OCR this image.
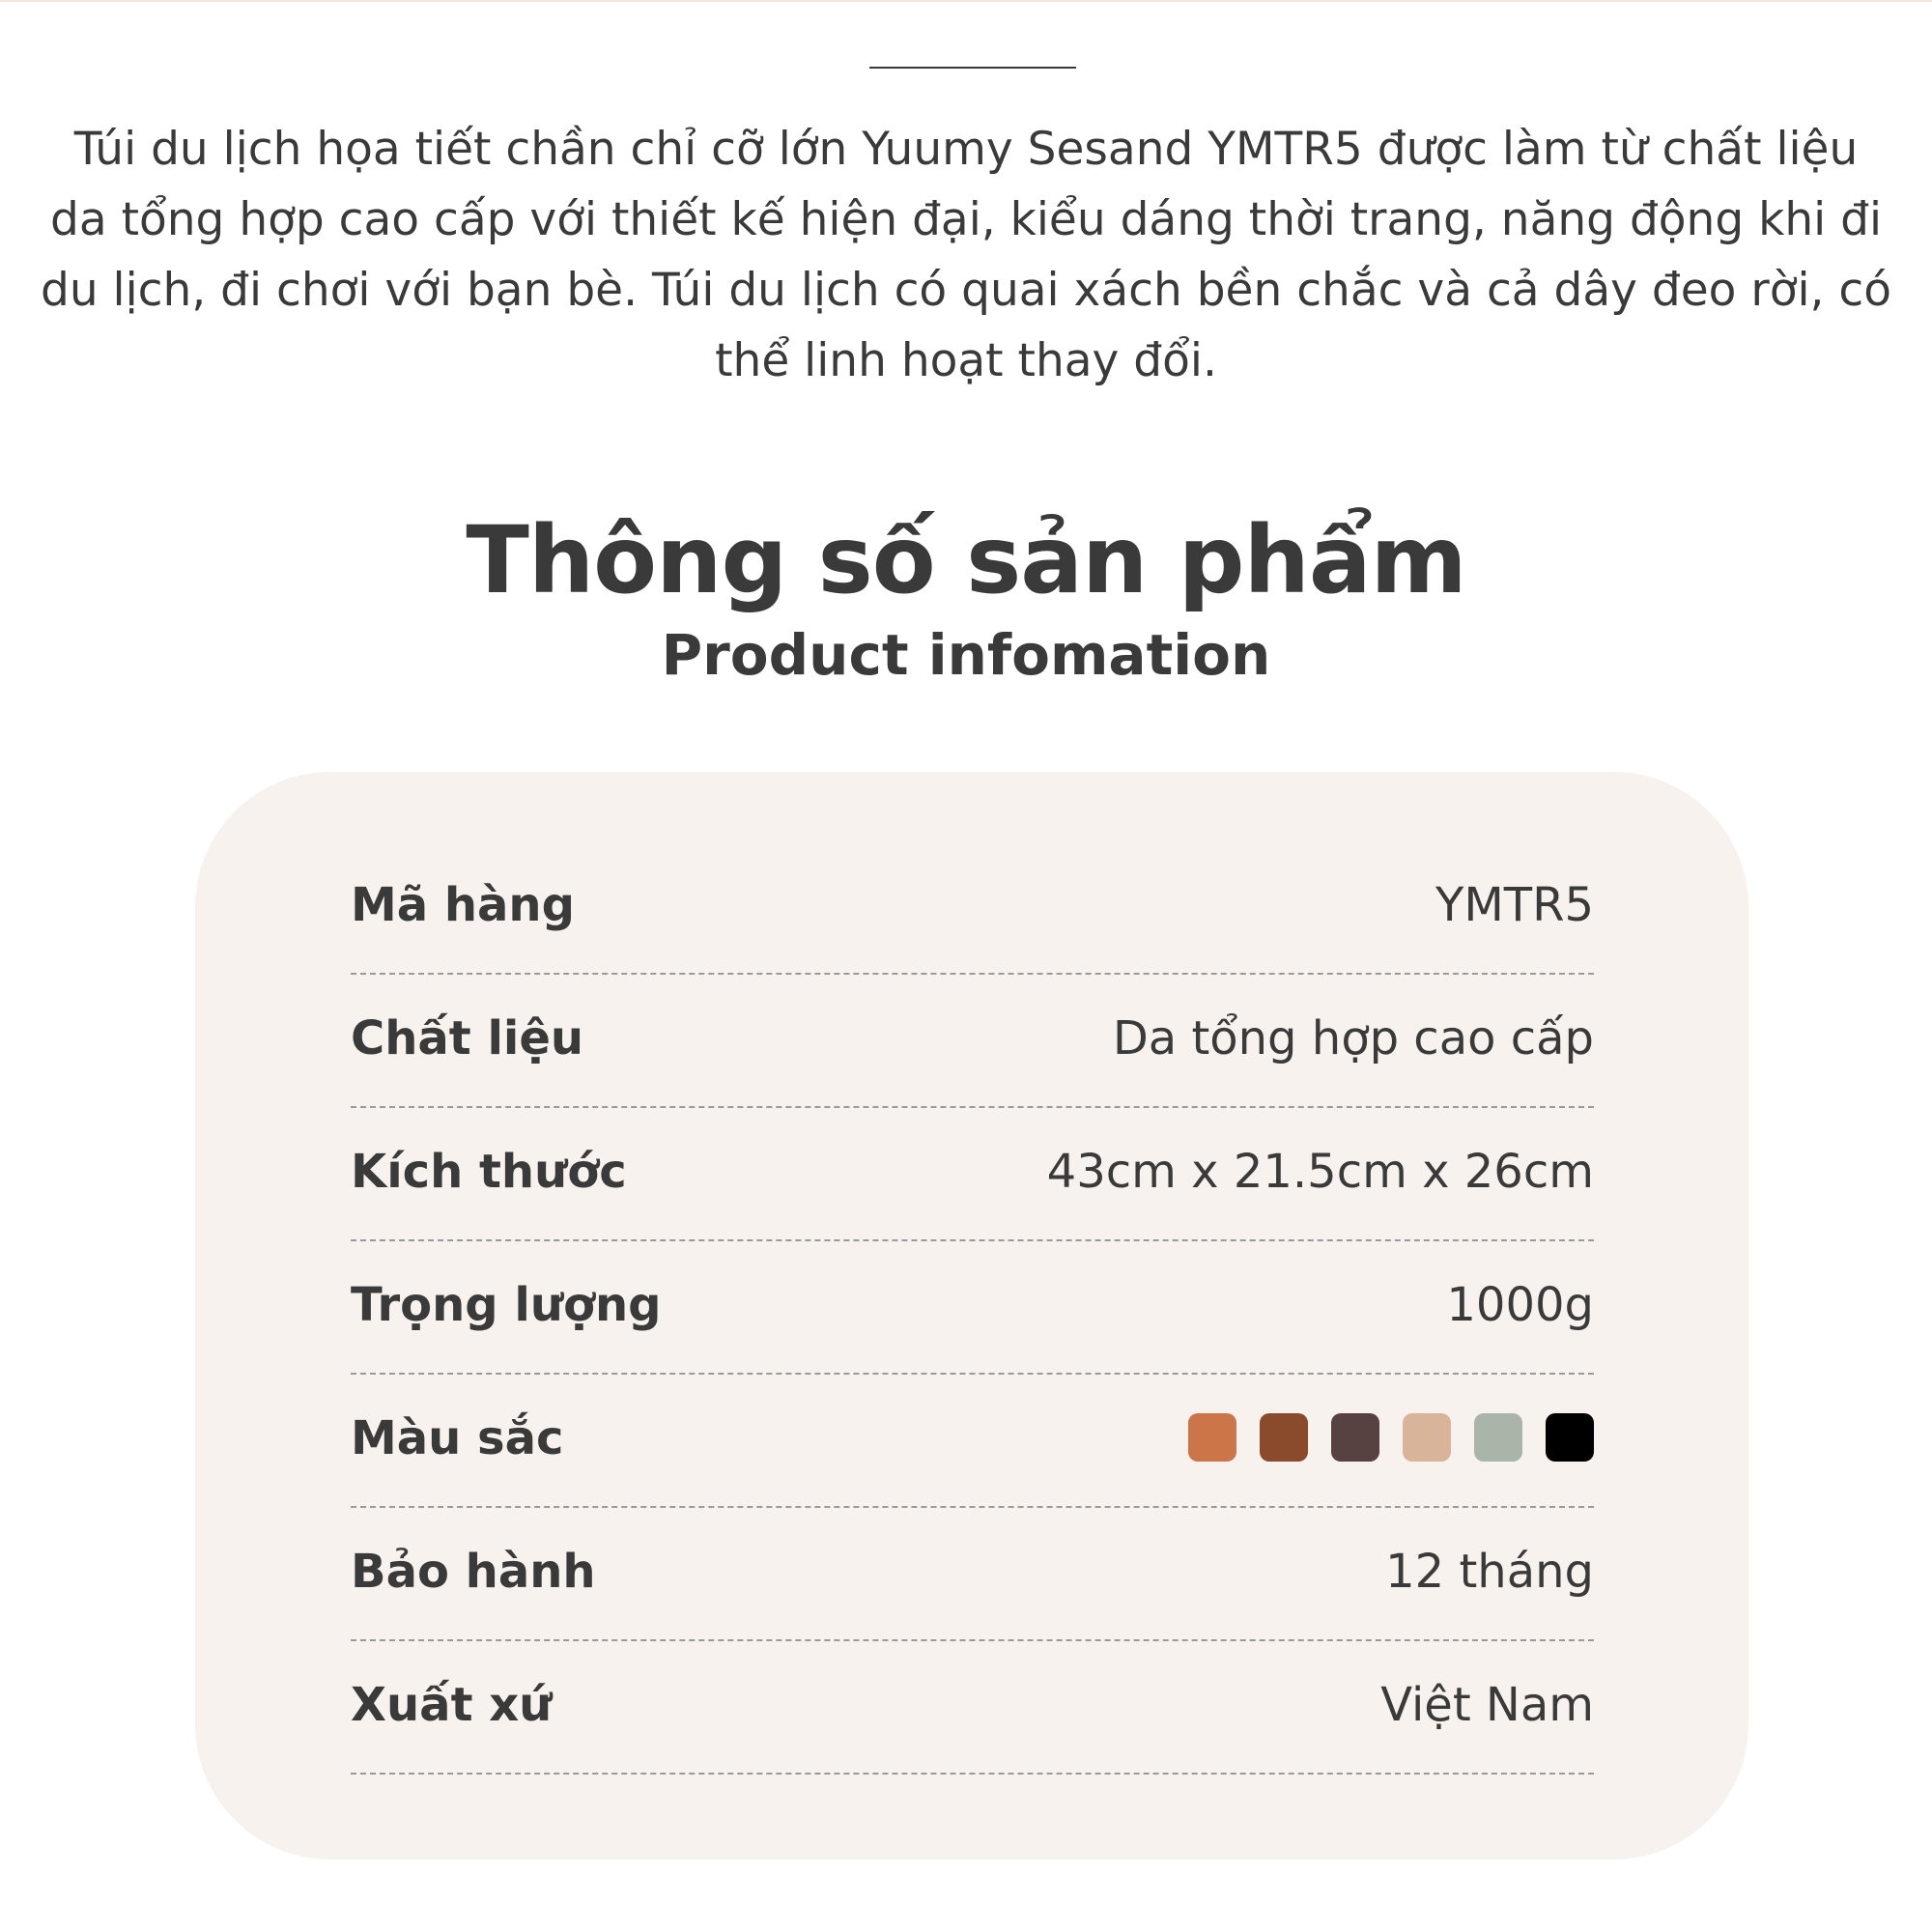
Túi du lịch họa tiết chần chỉ cỡ lớn Yuumy Sesand YMTR5 được làm từ chất liệu da tổng hợp cao cấp với thiết kế hiện đại, kiểu dáng thời trang, năng động khi đi du lịch, đi chơi với bạn bè. Túi du lịch có quai xách bền chắc và cả dây đeo rời, có thể linh hoạt thay đổi.

Thông số sản phẩm
Product infomation
Mã hàng	YMTR5
Chất liệu	Da tổng hợp cao cấp
Kích thước	43cm x 21.5cm x 26cm
Trọng lượng	1000g
Màu sắc
Bảo hành	12 tháng
Xuất xứ	Việt Nam
